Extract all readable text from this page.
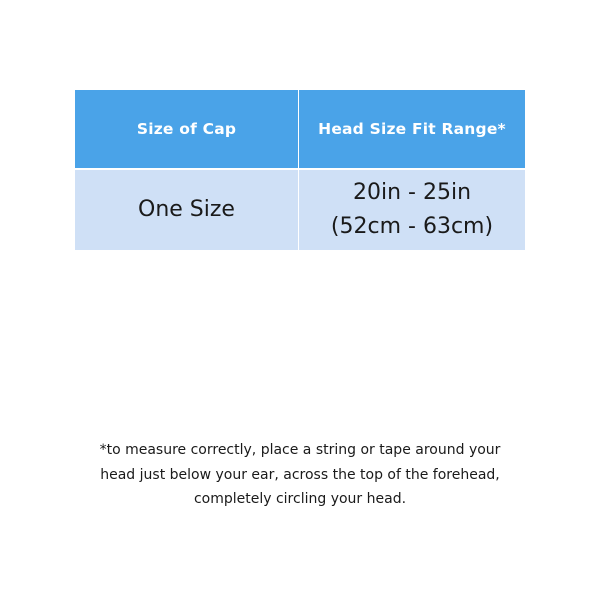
Size of Cap	Head Size Fit Range*
One Size	20in - 25in
(52cm - 63cm)
*to measure correctly, place a string or tape around your
head just below your ear, across the top of the forehead,
completely circling your head.
